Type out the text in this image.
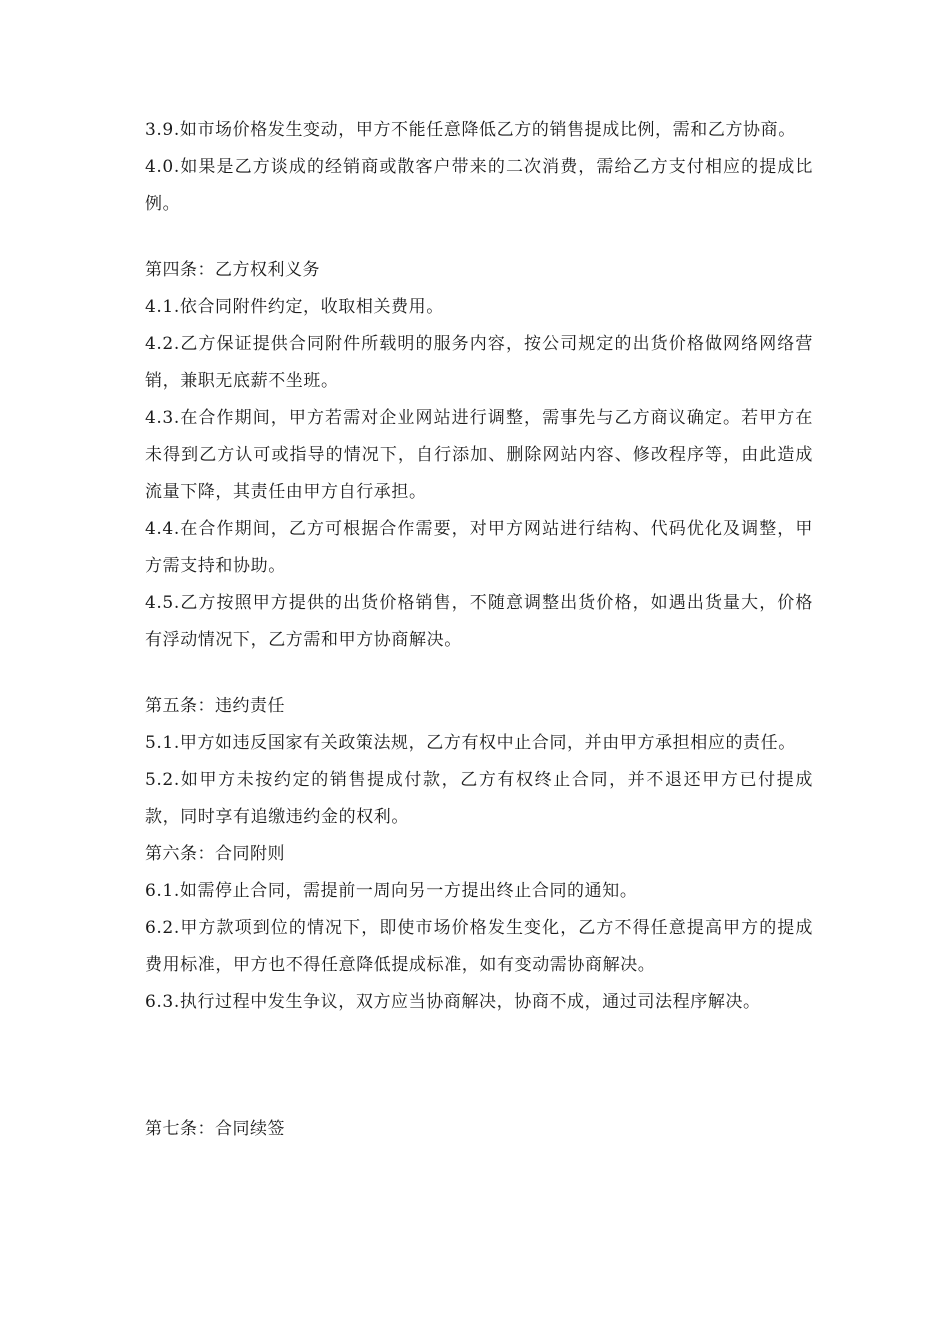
3.9.如市场价格发生变动，甲方不能任意降低乙方的销售提成比例，需和乙方协商。

4.0.如果是乙方谈成的经销商或散客户带来的二次消费，需给乙方支付相应的提成比例。

第四条：乙方权利义务

4.1.依合同附件约定，收取相关费用。

4.2.乙方保证提供合同附件所载明的服务内容，按公司规定的出货价格做网络网络营销，兼职无底薪不坐班。

4.3.在合作期间，甲方若需对企业网站进行调整，需事先与乙方商议确定。若甲方在未得到乙方认可或指导的情况下，自行添加、删除网站内容、修改程序等，由此造成流量下降，其责任由甲方自行承担。

4.4.在合作期间，乙方可根据合作需要，对甲方网站进行结构、代码优化及调整，甲方需支持和协助。

4.5.乙方按照甲方提供的出货价格销售，不随意调整出货价格，如遇出货量大，价格有浮动情况下，乙方需和甲方协商解决。

第五条：违约责任

5.1.甲方如违反国家有关政策法规，乙方有权中止合同，并由甲方承担相应的责任。

5.2.如甲方未按约定的销售提成付款，乙方有权终止合同，并不退还甲方已付提成款，同时享有追缴违约金的权利。

第六条：合同附则

6.1.如需停止合同，需提前一周向另一方提出终止合同的通知。

6.2.甲方款项到位的情况下，即使市场价格发生变化，乙方不得任意提高甲方的提成费用标准，甲方也不得任意降低提成标准，如有变动需协商解决。

6.3.执行过程中发生争议，双方应当协商解决，协商不成，通过司法程序解决。

第七条：合同续签
